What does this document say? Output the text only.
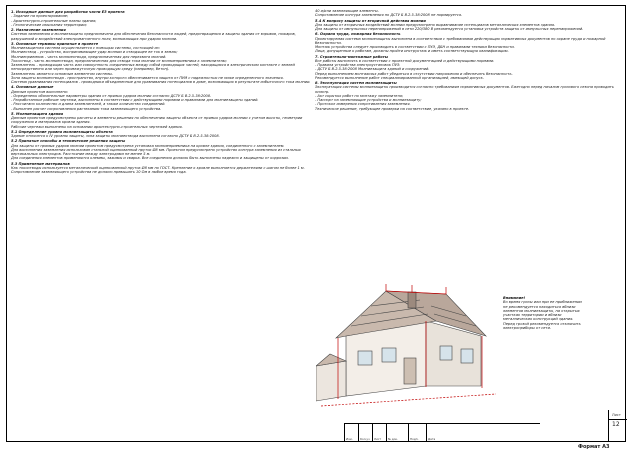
1. Исходные данные для разработки части ЕЗ проекта
- Задание на проектирование;
- Архитектурно-строительные планы здания;
- Геологические изыскания территории;
2. Назначение заземления
Система заземления и молниезащиты предназначена для обеспечения безопасности людей, предотвращения и защиты здания от взрывов, пожаров, разрушений и воздействий электромагнитного поля, возникающих при ударах молнии.
3. Основные термины принятые в проекте
Молниезащитная система осуществляется с помощью системы, состоящей из:
Молниеотвод - устройство, воспринимающее удар молнии и отводящее ее ток в землю;
Молниеприемник - часть молниеотвода, предназначенная для перехвата молний.
Токоотвод - часть молниеотвода, предназначенная для отвода тока молнии от молниеприемника к заземлителю;
Заземлитель - проводящая часть или совокупность соединенных между собой проводящих частей, находящихся в электрическом контакте с землей непосредственно или через промежуточную проводящую среду (например, бетон).
Заземлитель является основным элементом системы.
Зона защиты молниеотвода - пространство, внутри которого обеспечивается защита от ПУМ с надежностью не ниже определенного значения.
Система уравнивания потенциалов - проводники объединенные для уравнивания потенциалов в доме, возникающих в результате избыточного тока молнии.
4. Основные данные
Данным проектом выполнено:
- Определены обязательные параметры здания от прямых ударов молнии согласно ДСТУ Б В.2.5-38:2008.
- Разработанные рабочие чертежи, выполнены в соответствии с действующими нормами и правилами для молниезащиты зданий.
- Рассчитано количество и длина заземлителей, а также количество соединений.
- Выполнен расчет сопротивления растеканию тока заземляющего устройства.
5. Молниезащита здания
Данным проектом предусмотрены расчеты и элементы решения по обеспечению защиты объекта от прямых ударов молнии с учетом высоты, геометрии сооружения и материалов кровли здания.
Рабочие чертежи выполнены на основании архитектурно-строительных чертежей здания.
5.1 Определение уровня молниезащиты объекта
Здание относится к IV уровню защиты, зона защиты молниеотвода выполнена согласно ДСТУ Б В.2.5-38:2008.
5.2 Принятые способы и технические решения защиты
Для защиты от прямых ударов молнии проектом предусмотрена установка молниеприемника на кровле здания, соединенного с заземлителем.
Для выполнения заземления использован стальной оцинкованный пруток Ø8 мм. Проектом предусмотрено устройство контура заземления из стальных вертикальных электродов. Расстояние между электродами не менее 5 м.
Для соединения элементов применяются клеммы, зажимы и сварка. Все соединения должны быть выполнены надежно и защищены от коррозии.
5.3 Применение материалов
Как токоотводы используется металлический оцинкованный пруток Ø8 мм по ГОСТ. Крепление к кровле выполняется держателями с шагом не более 1 м.
Сопротивление заземляющего устройства не должно превышать 10 Ом в любое время года.
40 и/или заземляющие элементы.
Сопротивление контура заземления по ДСТУ Б В.2.5-38:2008 не нормируется.
5.4 К вопросу защиты от вторичной действия молнии
Для защиты от вторичных воздействий молнии предусмотрено выравнивание потенциалов металлических элементов здания.
Для защиты от импульсных перенапряжений в сети 220/380 В рекомендуется установка устройств защиты от импульсных перенапряжений.
6. Охрана труда, пожарная безопасность
Проектируемая система молниезащиты выполнена в соответствии с требованиями действующих нормативных документов по охране труда и пожарной безопасности.
Монтаж устройства следует производить в соответствии с ПУЭ, ДБН и правилами техники безопасности.
Лица, допущенные к работам, должны пройти инструктаж и иметь соответствующую квалификацию.
7. Строительно-монтажные работы
Все работы выполнять в соответствии с проектной документацией и действующими нормами.
- Правила устройства электроустановок ПУЭ.
- ДСТУ Б В.2.5-38:2008 Молниезащита зданий и сооружений.
Перед выполнением монтажных работ убедиться в отсутствии напряжения и обеспечить безопасность.
Рекомендуется выполнение работ специализированной организацией, имеющей допуск.
8. Эксплуатация систем молниезащиты
Эксплуатация системы молниезащиты производится согласно требованиям нормативных документов. Ежегодно перед началом грозового сезона проводить осмотр.
- Акт скрытых работ по монтажу заземлителя;
- Паспорт на заземляющие устройства и молниезащиту;
- Протокол измерения сопротивления заземления.
Техническое решение, требующее проверки на соответствие, указано в проекте.
Внимание!
Во время грозы или при ее приближении не рекомендуется находиться вблизи элементов молниезащиты, на открытых участках территории и вблизи металлических конструкций здания. Перед грозой рекомендуется отключить электроприборы от сети.
Изм.	Кол.уч Лист № док.	Подп.	Дата
Лист
12
Формат А3
